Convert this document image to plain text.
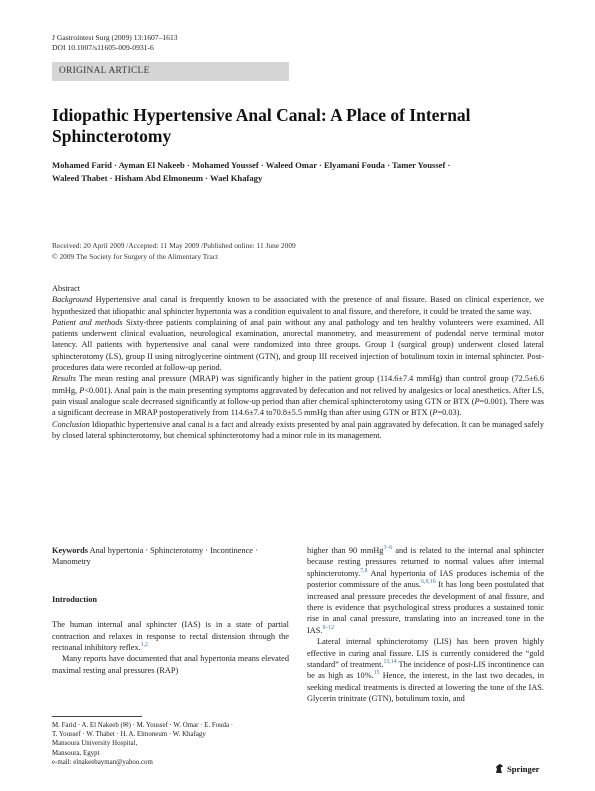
J Gastrointest Surg (2009) 13:1607–1613
DOI 10.1007/s11605-009-0931-6
ORIGINAL ARTICLE
Idiopathic Hypertensive Anal Canal: A Place of Internal Sphincterotomy
Mohamed Farid · Ayman El Nakeeb · Mohamed Youssef · Waleed Omar · Elyamani Fouda · Tamer Youssef · Waleed Thabet · Hisham Abd Elmoneum · Wael Khafagy
Received: 20 April 2009 /Accepted: 11 May 2009 /Published online: 11 June 2009
© 2009 The Society for Surgery of the Alimentary Tract
Abstract
Background Hypertensive anal canal is frequently known to be associated with the presence of anal fissure. Based on clinical experience, we hypothesized that idiopathic anal sphincter hypertonia was a condition equivalent to anal fissure, and therefore, it could be treated the same way.
Patient and methods Sixty-three patients complaining of anal pain without any anal pathology and ten healthy volunteers were examined. All patients underwent clinical evaluation, neurological examination, anorectal manometry, and measurement of pudendal nerve terminal motor latency. All patients with hypertensive anal canal were randomized into three groups. Group I (surgical group) underwent closed lateral sphincterotomy (LS), group II using nitroglycerine ointment (GTN), and group III received injection of botulinum toxin in internal sphincter. Post-procedures data were recorded at follow-up period.
Results The mean resting anal pressure (MRAP) was significantly higher in the patient group (114.6±7.4 mmHg) than control group (72.5±6.6 mmHg, P<0.001). Anal pain is the main presenting symptoms aggravated by defecation and not relived by analgesics or local anesthetics. After LS, pain visual analogue scale decreased significantly at follow-up period than after chemical sphincterotomy using GTN or BTX (P=0.001). There was a significant decrease in MRAP postoperatively from 114.6±7.4 to70.8±5.5 mmHg than after using GTN or BTX (P=0.03).
Conclusion Idiopathic hypertensive anal canal is a fact and already exists presented by anal pain aggravated by defecation. It can be managed safely by closed lateral sphincterotomy, but chemical sphincterotomy had a minor role in its management.
Keywords Anal hypertonia · Sphincterotomy · Incontinence · Manometry
Introduction
The human internal anal sphincter (IAS) is in a state of partial contraction and relaxes in response to rectal distension through the rectoanal inhibitory reflex.$^{1,2}$
Many reports have documented that anal hypertonia means elevated maximal resting anal pressures (RAP)
higher than 90 mmHg$^{3-6}$ and is related to the internal anal sphincter because resting pressures returned to normal values after internal sphincterotomy.$^{7,8}$ Anal hypertonia of IAS produces ischemia of the posterior commissure of the anus.$^{6,9,10}$ It has long been postulated that increased anal pressure precedes the development of anal fissure, and there is evidence that psychological stress produces a sustained tonic rise in anal canal pressure, translating into an increased tone in the IAS.$^{9-12}$
Lateral internal sphincterotomy (LIS) has been proven highly effective in curing anal fissure. LIS is currently considered the “gold standard” of treatment.$^{13,14}$ The incidence of post-LIS incontinence can be as high as 10%.$^{15}$ Hence, the interest, in the last two decades, in seeking medical treatments is directed at lowering the tone of the IAS. Glycerin trinitrate (GTN), botulinum toxin, and
M. Farid · A. El Nakeeb (✉) · M. Youssef · W. Omar · E. Fouda ·
T. Youssef · W. Thabet · H. A. Elmoneum · W. Khafagy
Mansoura University Hospital,
Mansoura, Egypt
e-mail: elnakeebayman@yahoo.com
Springer
